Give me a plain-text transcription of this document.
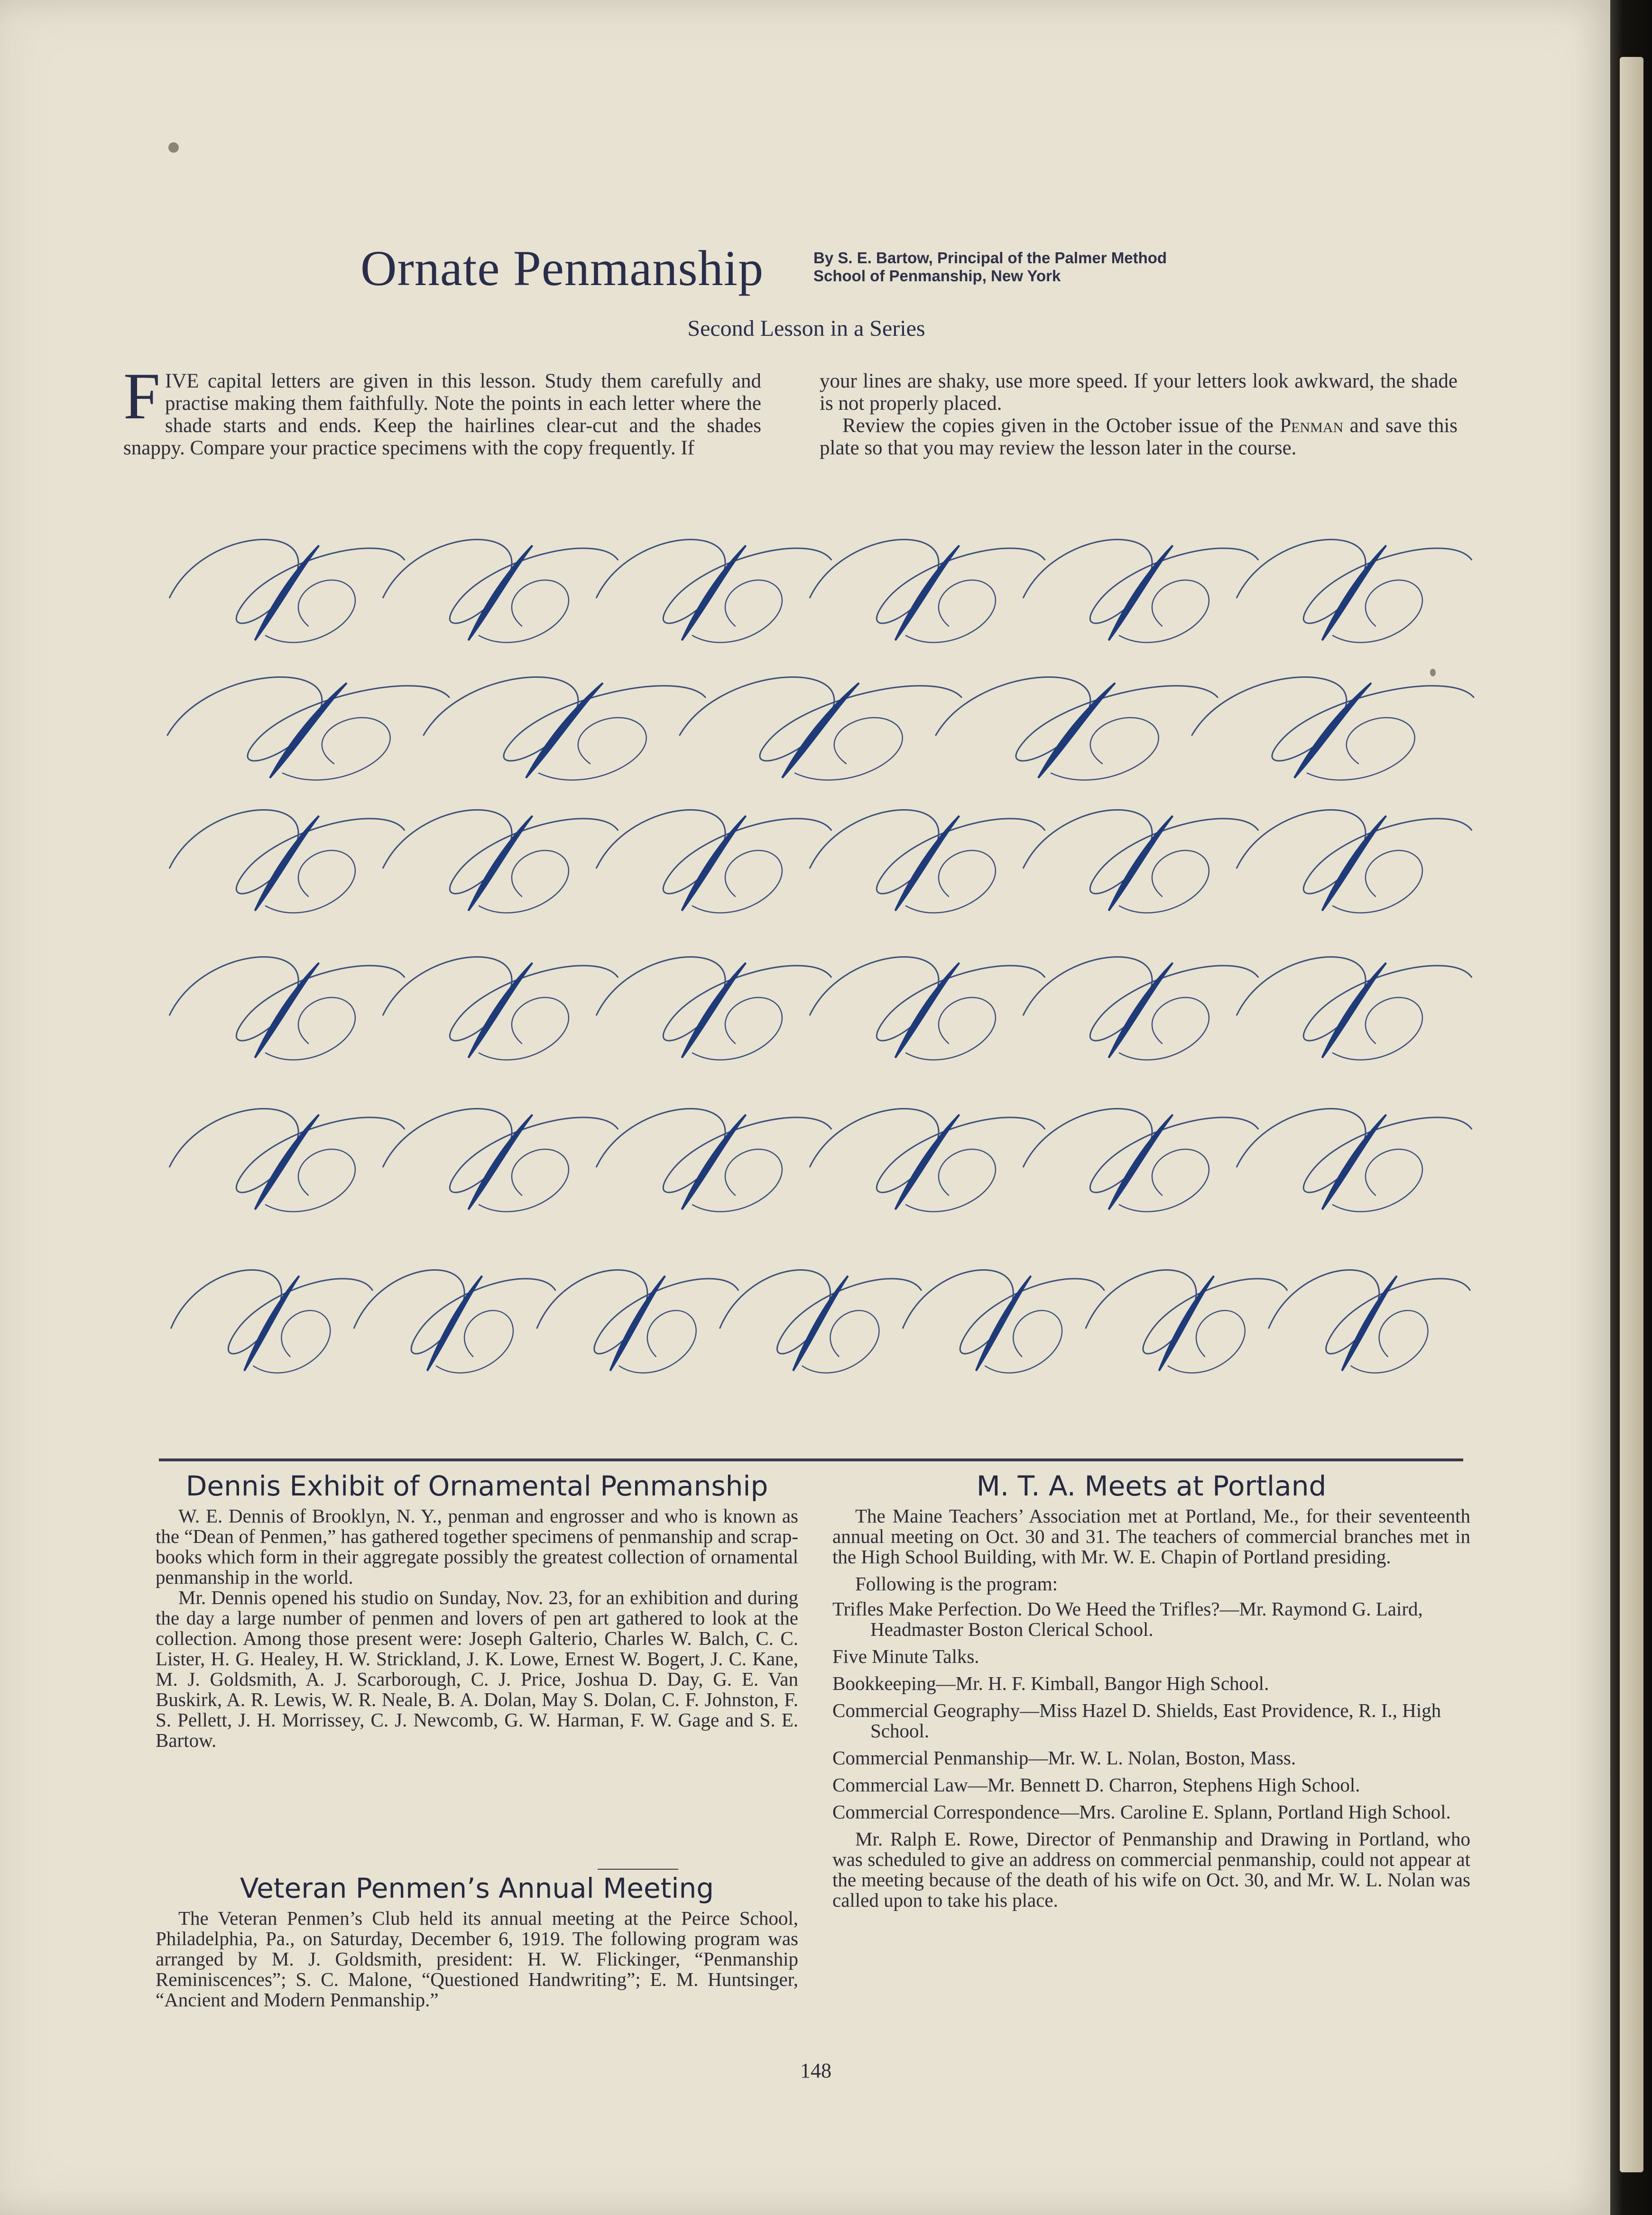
Ornate Penmanship	By S. E. Bartow, Principal of the Palmer Method
School of Penmanship, New York
Second Lesson in a Series

FIVE capital letters are given in this lesson. Study them carefully and practise making them faithfully. Note the points in each letter where the shade starts and ends. Keep the hairlines clear-cut and the shades snappy. Compare your practice specimens with the copy frequently. If

your lines are shaky, use more speed. If your letters look awkward, the shade is not properly placed.

Review the copies given in the October issue of the Penman and save this plate so that you may review the lesson later in the course.

Dennis Exhibit of Ornamental Penmanship

W. E. Dennis of Brooklyn, N. Y., penman and engrosser and who is known as the “Dean of Penmen,” has gathered together specimens of penmanship and scrap-books which form in their aggregate possibly the greatest collection of ornamental penmanship in the world.

Mr. Dennis opened his studio on Sunday, Nov. 23, for an exhibition and during the day a large number of penmen and lovers of pen art gathered to look at the collection. Among those present were: Joseph Galterio, Charles W. Balch, C. C. Lister, H. G. Healey, H. W. Strickland, J. K. Lowe, Ernest W. Bogert, J. C. Kane, M. J. Goldsmith, A. J. Scarborough, C. J. Price, Joshua D. Day, G. E. Van Buskirk, A. R. Lewis, W. R. Neale, B. A. Dolan, May S. Dolan, C. F. Johnston, F. S. Pellett, J. H. Morrissey, C. J. Newcomb, G. W. Harman, F. W. Gage and S. E. Bartow.

Veteran Penmen’s Annual Meeting

The Veteran Penmen’s Club held its annual meeting at the Peirce School, Philadelphia, Pa., on Saturday, December 6, 1919. The following program was arranged by M. J. Goldsmith, president: H. W. Flickinger, “Penmanship Reminiscences”; S. C. Malone, “Questioned Handwriting”; E. M. Huntsinger, “Ancient and Modern Penmanship.”

M. T. A. Meets at Portland

The Maine Teachers’ Association met at Portland, Me., for their seventeenth annual meeting on Oct. 30 and 31. The teachers of commercial branches met in the High School Building, with Mr. W. E. Chapin of Portland presiding.

Following is the program:

Trifles Make Perfection. Do We Heed the Trifles?—Mr. Raymond G. Laird, Headmaster Boston Clerical School.

Five Minute Talks.

Bookkeeping—Mr. H. F. Kimball, Bangor High School.

Commercial Geography—Miss Hazel D. Shields, East Providence, R. I., High School.

Commercial Penmanship—Mr. W. L. Nolan, Boston, Mass.

Commercial Law—Mr. Bennett D. Charron, Stephens High School.

Commercial Correspondence—Mrs. Caroline E. Splann, Portland High School.

Mr. Ralph E. Rowe, Director of Penmanship and Drawing in Portland, who was scheduled to give an address on commercial penmanship, could not appear at the meeting because of the death of his wife on Oct. 30, and Mr. W. L. Nolan was called upon to take his place.

148
